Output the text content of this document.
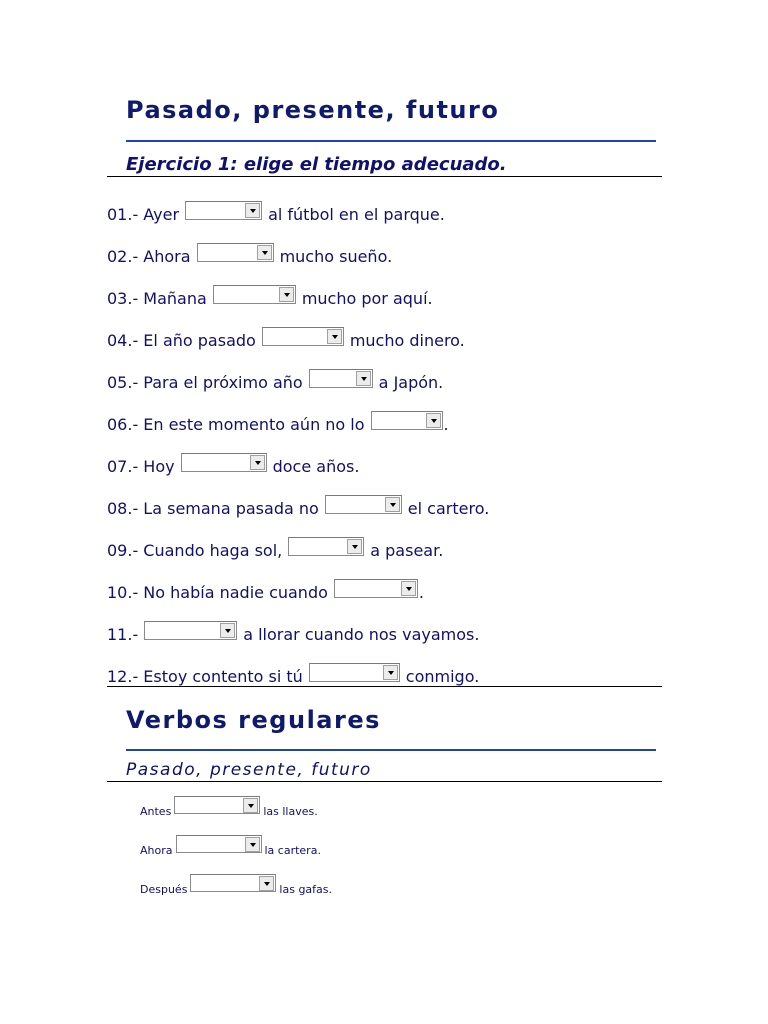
Pasado, presente, futuro
Ejercicio 1: elige el tiempo adecuado.
01.- Ayer	al fútbol en el parque.
02.- Ahora	mucho sueño.
03.- Mañana	mucho por aquí.
04.- El año pasado	mucho dinero.
05.- Para el próximo año	a Japón.
06.- En este momento aún no lo	.
07.- Hoy	doce años.
08.- La semana pasada no	el cartero.
09.- Cuando haga sol,	a pasear.
10.- No había nadie cuando	.
11.-	a llorar cuando nos vayamos.
12.- Estoy contento si tú	conmigo.
Verbos regulares
Pasado, presente, futuro
Antes	las llaves.
Ahora	la cartera.
Después	las gafas.
